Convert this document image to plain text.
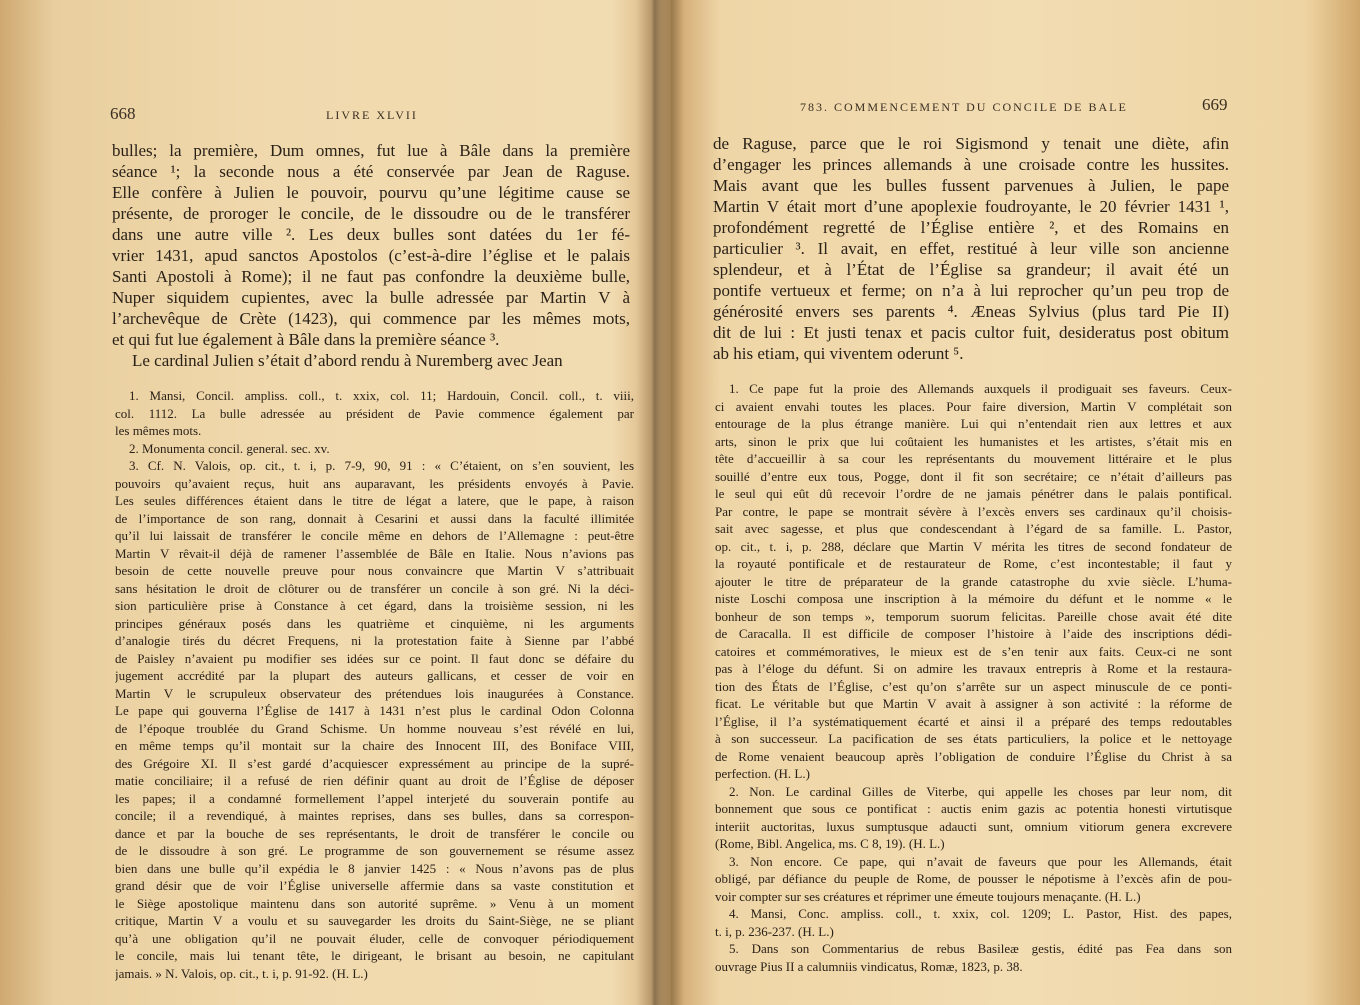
668	LIVRE XLVII
bulles; la première, Dum omnes, fut lue à Bâle dans la première
séance ¹; la seconde nous a été conservée par Jean de Raguse.
Elle confère à Julien le pouvoir, pourvu qu’une légitime cause se
présente, de proroger le concile, de le dissoudre ou de le transférer
dans une autre ville ². Les deux bulles sont datées du 1er fé-
vrier 1431, apud sanctos Apostolos (c’est-à-dire l’église et le palais
Santi Apostoli à Rome); il ne faut pas confondre la deuxième bulle,
Nuper siquidem cupientes, avec la bulle adressée par Martin V à
l’archevêque de Crète (1423), qui commence par les mêmes mots,
et qui fut lue également à Bâle dans la première séance ³.
Le cardinal Julien s’était d’abord rendu à Nuremberg avec Jean
1. Mansi, Concil. ampliss. coll., t. xxix, col. 11; Hardouin, Concil. coll., t. viii,
col. 1112. La bulle adressée au président de Pavie commence également par
les mêmes mots.
2. Monumenta concil. general. sec. xv.
3. Cf. N. Valois, op. cit., t. i, p. 7-9, 90, 91 : « C’étaient, on s’en souvient, les
pouvoirs qu’avaient reçus, huit ans auparavant, les présidents envoyés à Pavie.
Les seules différences étaient dans le titre de légat a latere, que le pape, à raison
de l’importance de son rang, donnait à Cesarini et aussi dans la faculté illimitée
qu’il lui laissait de transférer le concile même en dehors de l’Allemagne : peut-être
Martin V rêvait-il déjà de ramener l’assemblée de Bâle en Italie. Nous n’avions pas
besoin de cette nouvelle preuve pour nous convaincre que Martin V s’attribuait
sans hésitation le droit de clôturer ou de transférer un concile à son gré. Ni la déci-
sion particulière prise à Constance à cet égard, dans la troisième session, ni les
principes généraux posés dans les quatrième et cinquième, ni les arguments
d’analogie tirés du décret Frequens, ni la protestation faite à Sienne par l’abbé
de Paisley n’avaient pu modifier ses idées sur ce point. Il faut donc se défaire du
jugement accrédité par la plupart des auteurs gallicans, et cesser de voir en
Martin V le scrupuleux observateur des prétendues lois inaugurées à Constance.
Le pape qui gouverna l’Église de 1417 à 1431 n’est plus le cardinal Odon Colonna
de l’époque troublée du Grand Schisme. Un homme nouveau s’est révélé en lui,
en même temps qu’il montait sur la chaire des Innocent III, des Boniface VIII,
des Grégoire XI. Il s’est gardé d’acquiescer expressément au principe de la supré-
matie conciliaire; il a refusé de rien définir quant au droit de l’Église de déposer
les papes; il a condamné formellement l’appel interjeté du souverain pontife au
concile; il a revendiqué, à maintes reprises, dans ses bulles, dans sa correspon-
dance et par la bouche de ses représentants, le droit de transférer le concile ou
de le dissoudre à son gré. Le programme de son gouvernement se résume assez
bien dans une bulle qu’il expédia le 8 janvier 1425 : « Nous n’avons pas de plus
grand désir que de voir l’Église universelle affermie dans sa vaste constitution et
le Siège apostolique maintenu dans son autorité suprême. » Venu à un moment
critique, Martin V a voulu et su sauvegarder les droits du Saint-Siège, ne se pliant
qu’à une obligation qu’il ne pouvait éluder, celle de convoquer périodiquement
le concile, mais lui tenant tête, le dirigeant, le brisant au besoin, ne capitulant
jamais. » N. Valois, op. cit., t. i, p. 91-92. (H. L.)
783. COMMENCEMENT DU CONCILE DE BALE	669
de Raguse, parce que le roi Sigismond y tenait une diète, afin
d’engager les princes allemands à une croisade contre les hussites.
Mais avant que les bulles fussent parvenues à Julien, le pape
Martin V était mort d’une apoplexie foudroyante, le 20 février 1431 ¹,
profondément regretté de l’Église entière ², et des Romains en
particulier ³. Il avait, en effet, restitué à leur ville son ancienne
splendeur, et à l’État de l’Église sa grandeur; il avait été un
pontife vertueux et ferme; on n’a à lui reprocher qu’un peu trop de
générosité envers ses parents ⁴. Æneas Sylvius (plus tard Pie II)
dit de lui : Et justi tenax et pacis cultor fuit, desideratus post obitum
ab his etiam, qui viventem oderunt ⁵.
1. Ce pape fut la proie des Allemands auxquels il prodiguait ses faveurs. Ceux-
ci avaient envahi toutes les places. Pour faire diversion, Martin V complétait son
entourage de la plus étrange manière. Lui qui n’entendait rien aux lettres et aux
arts, sinon le prix que lui coûtaient les humanistes et les artistes, s’était mis en
tête d’accueillir à sa cour les représentants du mouvement littéraire et le plus
souillé d’entre eux tous, Pogge, dont il fit son secrétaire; ce n’était d’ailleurs pas
le seul qui eût dû recevoir l’ordre de ne jamais pénétrer dans le palais pontifical.
Par contre, le pape se montrait sévère à l’excès envers ses cardinaux qu’il choisis-
sait avec sagesse, et plus que condescendant à l’égard de sa famille. L. Pastor,
op. cit., t. i, p. 288, déclare que Martin V mérita les titres de second fondateur de
la royauté pontificale et de restaurateur de Rome, c’est incontestable; il faut y
ajouter le titre de préparateur de la grande catastrophe du xvie siècle. L’huma-
niste Loschi composa une inscription à la mémoire du défunt et le nomme « le
bonheur de son temps », temporum suorum felicitas. Pareille chose avait été dite
de Caracalla. Il est difficile de composer l’histoire à l’aide des inscriptions dédi-
catoires et commémoratives, le mieux est de s’en tenir aux faits. Ceux-ci ne sont
pas à l’éloge du défunt. Si on admire les travaux entrepris à Rome et la restaura-
tion des États de l’Église, c’est qu’on s’arrête sur un aspect minuscule de ce ponti-
ficat. Le véritable but que Martin V avait à assigner à son activité : la réforme de
l’Église, il l’a systématiquement écarté et ainsi il a préparé des temps redoutables
à son successeur. La pacification de ses états particuliers, la police et le nettoyage
de Rome venaient beaucoup après l’obligation de conduire l’Église du Christ à sa
perfection. (H. L.)
2. Non. Le cardinal Gilles de Viterbe, qui appelle les choses par leur nom, dit
bonnement que sous ce pontificat : auctis enim gazis ac potentia honesti virtutisque
interiit auctoritas, luxus sumptusque adaucti sunt, omnium vitiorum genera excrevere
(Rome, Bibl. Angelica, ms. C 8, 19). (H. L.)
3. Non encore. Ce pape, qui n’avait de faveurs que pour les Allemands, était
obligé, par défiance du peuple de Rome, de pousser le népotisme à l’excès afin de pou-
voir compter sur ses créatures et réprimer une émeute toujours menaçante. (H. L.)
4. Mansi, Conc. ampliss. coll., t. xxix, col. 1209; L. Pastor, Hist. des papes,
t. i, p. 236-237. (H. L.)
5. Dans son Commentarius de rebus Basileæ gestis, édité pas Fea dans son
ouvrage Pius II a calumniis vindicatus, Romæ, 1823, p. 38.
